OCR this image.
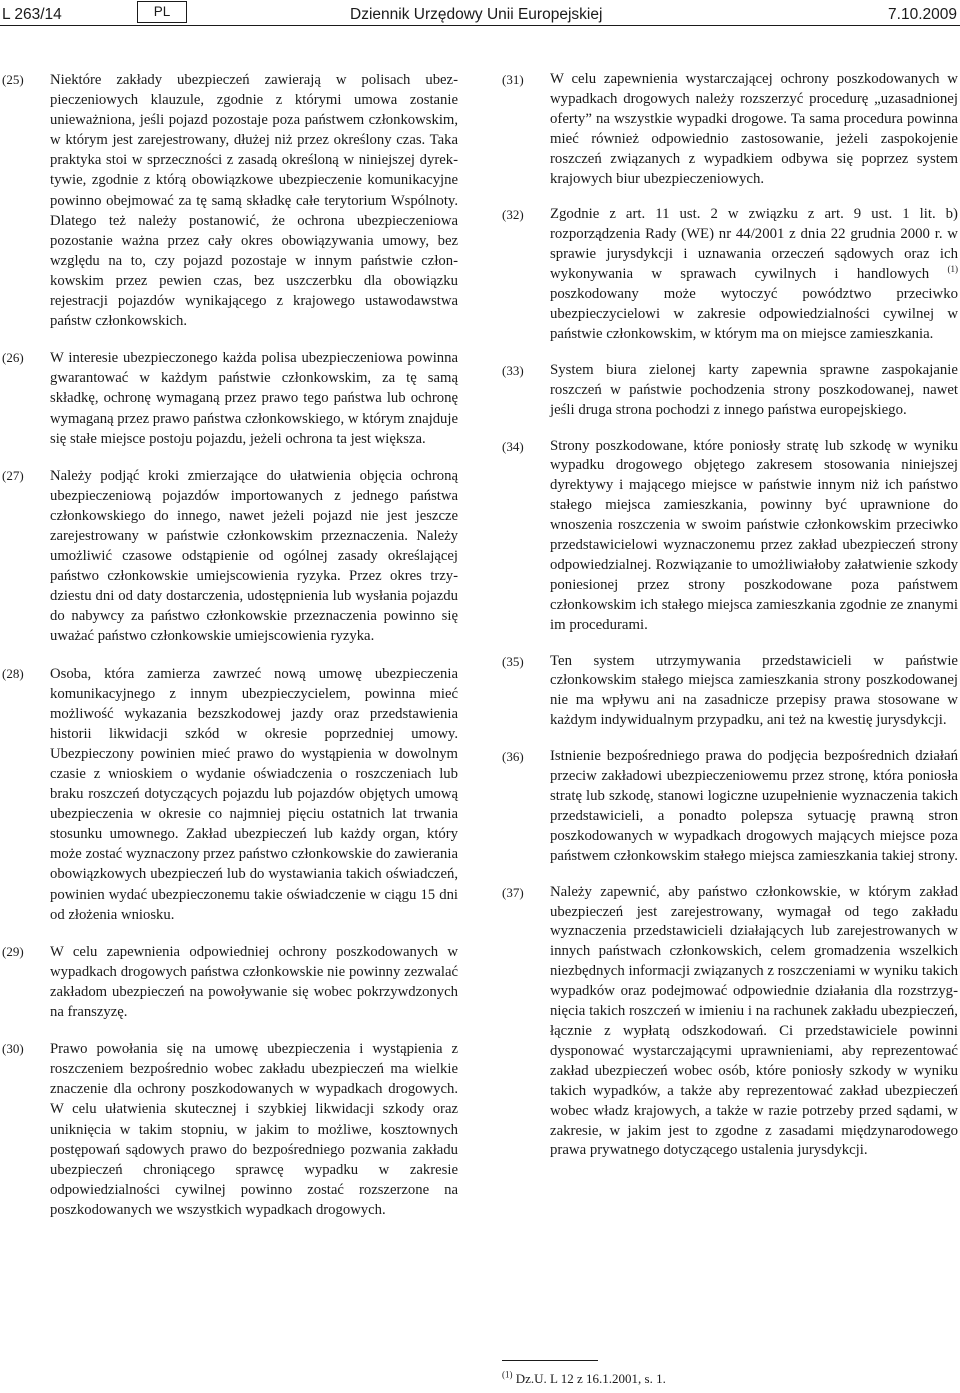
L 263/14	PL	Dziennik Urzędowy Unii Europejskiej	7.10.2009
(25)	Niektóre zakłady ubezpieczeń zawierają w polisach ubezpieczeniowych klauzule, zgodnie z którymi umowa zostanie unieważniona, jeśli pojazd pozostaje poza państwem członkowskim, w którym jest zarejestrowany, dłużej niż przez określony czas. Taka praktyka stoi w sprzeczności z zasadą określoną w niniejszej dyrektywie, zgodnie z którą obowiązkowe ubezpieczenie komunikacyjne powinno obejmować za tę samą składkę całe terytorium Wspólnoty. Dlatego też należy postanowić, że ochrona ubezpieczeniowa pozostanie ważna przez cały okres obowiązywania umowy, bez względu na to, czy pojazd pozostaje w innym państwie członkowskim przez pewien czas, bez uszczerbku dla obowiązku rejestracji pojazdów wynikającego z krajowego ustawodawstwa państw członkowskich.
(26)	W interesie ubezpieczonego każda polisa ubezpieczeniowa powinna gwarantować w każdym państwie członkowskim, za tę samą składkę, ochronę wymaganą przez prawo tego państwa lub ochronę wymaganą przez prawo państwa członkowskiego, w którym znajduje się stałe miejsce postoju pojazdu, jeżeli ochrona ta jest większa.
(27)	Należy podjąć kroki zmierzające do ułatwienia objęcia ochroną ubezpieczeniową pojazdów importowanych z jednego państwa członkowskiego do innego, nawet jeżeli pojazd nie jest jeszcze zarejestrowany w państwie członkowskim przeznaczenia. Należy umożliwić czasowe odstąpienie od ogólnej zasady określającej państwo członkowskie umiejscowienia ryzyka. Przez okres trzydziestu dni od daty dostarczenia, udostępnienia lub wysłania pojazdu do nabywcy za państwo członkowskie przeznaczenia powinno się uważać państwo członkowskie umiejscowienia ryzyka.
(28)	Osoba, która zamierza zawrzeć nową umowę ubezpieczenia komunikacyjnego z innym ubezpieczycielem, powinna mieć możliwość wykazania bezszkodowej jazdy oraz przedstawienia historii likwidacji szkód w okresie poprzedniej umowy. Ubezpieczony powinien mieć prawo do wystąpienia w dowolnym czasie z wnioskiem o wydanie oświadczenia o roszczeniach lub braku roszczeń dotyczących pojazdu lub pojazdów objętych umową ubezpieczenia w okresie co najmniej pięciu ostatnich lat trwania stosunku umownego. Zakład ubezpieczeń lub każdy organ, który może zostać wyznaczony przez państwo członkowskie do zawierania obowiązkowych ubezpieczeń lub do wystawiania takich oświadczeń, powinien wydać ubezpieczonemu takie oświadczenie w ciągu 15 dni od złożenia wniosku.
(29)	W celu zapewnienia odpowiedniej ochrony poszkodowanych w wypadkach drogowych państwa członkowskie nie powinny zezwalać zakładom ubezpieczeń na powoływanie się wobec pokrzywdzonych na franszyzę.
(30)	Prawo powołania się na umowę ubezpieczenia i wystąpienia z roszczeniem bezpośrednio wobec zakładu ubezpieczeń ma wielkie znaczenie dla ochrony poszkodowanych w wypadkach drogowych. W celu ułatwienia skutecznej i szybkiej likwidacji szkody oraz uniknięcia w takim stopniu, w jakim to możliwe, kosztownych postępowań sądowych prawo do bezpośredniego pozwania zakładu ubezpieczeń chroniącego sprawcę wypadku w zakresie odpowiedzialności cywilnej powinno zostać rozszerzone na poszkodowanych we wszystkich wypadkach drogowych.
(31)	W celu zapewnienia wystarczającej ochrony poszkodowanych w wypadkach drogowych należy rozszerzyć procedurę „uzasadnionej oferty” na wszystkie wypadki drogowe. Ta sama procedura powinna mieć również odpowiednio zastosowanie, jeżeli zaspokojenie roszczeń związanych z wypadkiem odbywa się poprzez system krajowych biur ubezpieczeniowych.
(32)	Zgodnie z art. 11 ust. 2 w związku z art. 9 ust. 1 lit. b) rozporządzenia Rady (WE) nr 44/2001 z dnia 22 grudnia 2000 r. w sprawie jurysdykcji i uznawania orzeczeń sądowych oraz ich wykonywania w sprawach cywilnych i handlowych $^{(1)}$ poszkodowany może wytoczyć powództwo przeciwko ubezpieczycielowi w zakresie odpowiedzialności cywilnej w państwie członkowskim, w którym ma on miejsce zamieszkania.
(33)	System biura zielonej karty zapewnia sprawne zaspokajanie roszczeń w państwie pochodzenia strony poszkodowanej, nawet jeśli druga strona pochodzi z innego państwa europejskiego.
(34)	Strony poszkodowane, które poniosły stratę lub szkodę w wyniku wypadku drogowego objętego zakresem stosowania niniejszej dyrektywy i mającego miejsce w państwie innym niż ich państwo stałego miejsca zamieszkania, powinny być uprawnione do wnoszenia roszczenia w swoim państwie członkowskim przeciwko przedstawicielowi wyznaczonemu przez zakład ubezpieczeń strony odpowiedzialnej. Rozwiązanie to umożliwiałoby załatwienie szkody poniesionej przez strony poszkodowane poza państwem członkowskim ich stałego miejsca zamieszkania zgodnie ze znanymi im procedurami.
(35)	Ten system utrzymywania przedstawicieli w państwie członkowskim stałego miejsca zamieszkania strony poszkodowanej nie ma wpływu ani na zasadnicze przepisy prawa stosowane w każdym indywidualnym przypadku, ani też na kwestię jurysdykcji.
(36)	Istnienie bezpośredniego prawa do podjęcia bezpośrednich działań przeciw zakładowi ubezpieczeniowemu przez stronę, która poniosła stratę lub szkodę, stanowi logiczne uzupełnienie wyznaczenia takich przedstawicieli, a ponadto polepsza sytuację prawną stron poszkodowanych w wypadkach drogowych mających miejsce poza państwem członkowskim stałego miejsca zamieszkania takiej strony.
(37)	Należy zapewnić, aby państwo członkowskie, w którym zakład ubezpieczeń jest zarejestrowany, wymagał od tego zakładu wyznaczenia przedstawicieli działających lub zarejestrowanych w innych państwach członkowskich, celem gromadzenia wszelkich niezbędnych informacji związanych z roszczeniami w wyniku takich wypadków oraz podejmować odpowiednie działania dla rozstrzygnięcia takich roszczeń w imieniu i na rachunek zakładu ubezpieczeń, łącznie z wypłatą odszkodowań. Ci przedstawiciele powinni dysponować wystarczającymi uprawnieniami, aby reprezentować zakład ubezpieczeń wobec osób, które poniosły szkody w wyniku takich wypadków, a także aby reprezentować zakład ubezpieczeń wobec władz krajowych, a także w razie potrzeby przed sądami, w zakresie, w jakim jest to zgodne z zasadami międzynarodowego prawa prywatnego dotyczącego ustalenia jurysdykcji.
$^{(1)}$ Dz.U. L 12 z 16.1.2001, s. 1.
